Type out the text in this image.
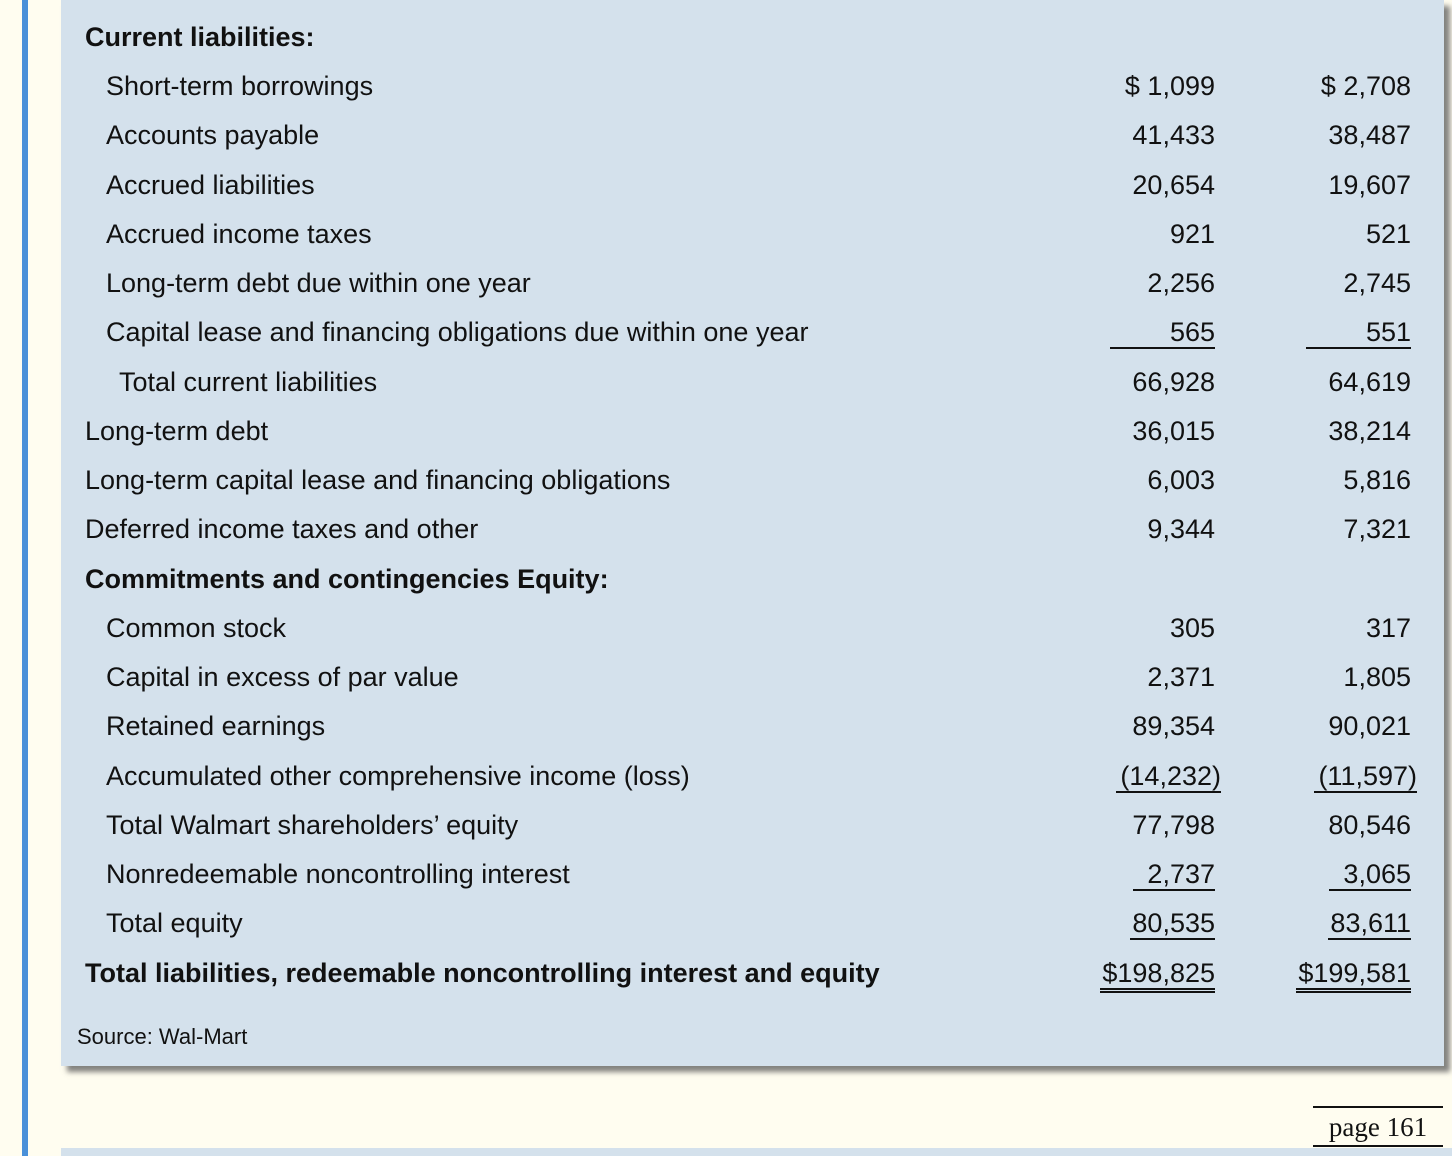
Current liabilities:
Short-term borrowings	$ 1,099	$ 2,708
Accounts payable	41,433	38,487
Accrued liabilities	20,654	19,607
Accrued income taxes	921	521
Long-term debt due within one year	2,256	2,745
Capital lease and financing obligations due within one year	565	551
Total current liabilities	66,928	64,619
Long-term debt	36,015	38,214
Long-term capital lease and financing obligations	6,003	5,816
Deferred income taxes and other	9,344	7,321
Commitments and contingencies Equity:
Common stock	305	317
Capital in excess of par value	2,371	1,805
Retained earnings	89,354	90,021
Accumulated other comprehensive income (loss)	(14,232)	(11,597)
Total Walmart shareholders’ equity	77,798	80,546
Nonredeemable noncontrolling interest	2,737	3,065
Total equity	80,535	83,611
Total liabilities, redeemable noncontrolling interest and equity	$198,825	$199,581
Source: Wal-Mart
page 161
